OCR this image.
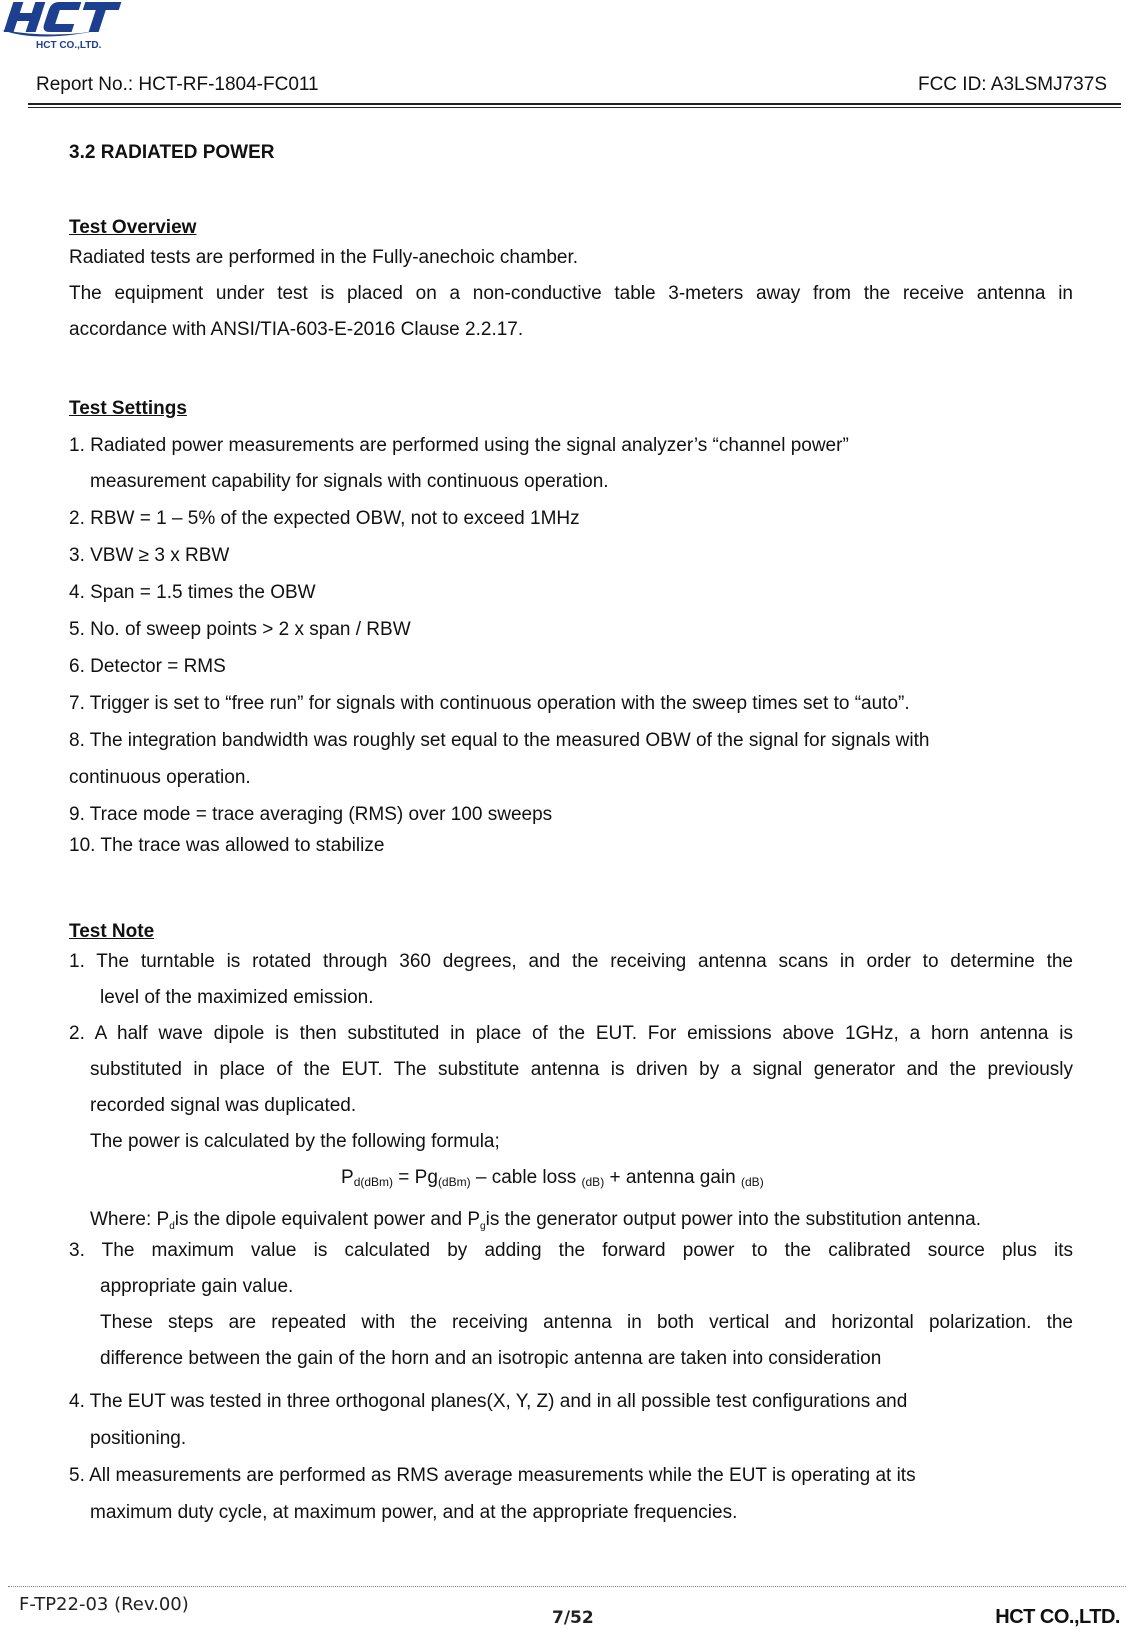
HCT CO.,LTD.
Report No.: HCT-RF-1804-FC011	FCC ID: A3LSMJ737S
3.2 RADIATED POWER
Test Overview
Radiated tests are performed in the Fully-anechoic chamber.
The equipment under test is placed on a non-conductive table 3-meters away from the receive antenna in
accordance with ANSI/TIA-603-E-2016 Clause 2.2.17.
Test Settings
1. Radiated power measurements are performed using the signal analyzer’s “channel power”
measurement capability for signals with continuous operation.
2. RBW = 1 – 5% of the expected OBW, not to exceed 1MHz
3. VBW ≥ 3 x RBW
4. Span = 1.5 times the OBW
5. No. of sweep points > 2 x span / RBW
6. Detector = RMS
7. Trigger is set to “free run” for signals with continuous operation with the sweep times set to “auto”.
8. The integration bandwidth was roughly set equal to the measured OBW of the signal for signals with
continuous operation.
9. Trace mode = trace averaging (RMS) over 100 sweeps
10. The trace was allowed to stabilize
Test Note
1. The turntable is rotated through 360 degrees, and the receiving antenna scans in order to determine the
level of the maximized emission.
2. A half wave dipole is then substituted in place of the EUT. For emissions above 1GHz, a horn antenna is
substituted in place of the EUT. The substitute antenna is driven by a signal generator and the previously
recorded signal was duplicated.
The power is calculated by the following formula;
$P_{d(dBm)} = Pg_{(dBm)}$ – cable loss $_{(dB)}$ + antenna gain $_{(dB)}$
Where: $P_dis$ the dipole equivalent power and $P_gis$ the generator output power into the substitution antenna.
3. The maximum value is calculated by adding the forward power to the calibrated source plus its
appropriate gain value.
These steps are repeated with the receiving antenna in both vertical and horizontal polarization. the
difference between the gain of the horn and an isotropic antenna are taken into consideration
4. The EUT was tested in three orthogonal planes(X, Y, Z) and in all possible test configurations and
positioning.
5. All measurements are performed as RMS average measurements while the EUT is operating at its
maximum duty cycle, at maximum power, and at the appropriate frequencies.
F-TP22-03 (Rev.00)
7/52	HCT CO.,LTD.
